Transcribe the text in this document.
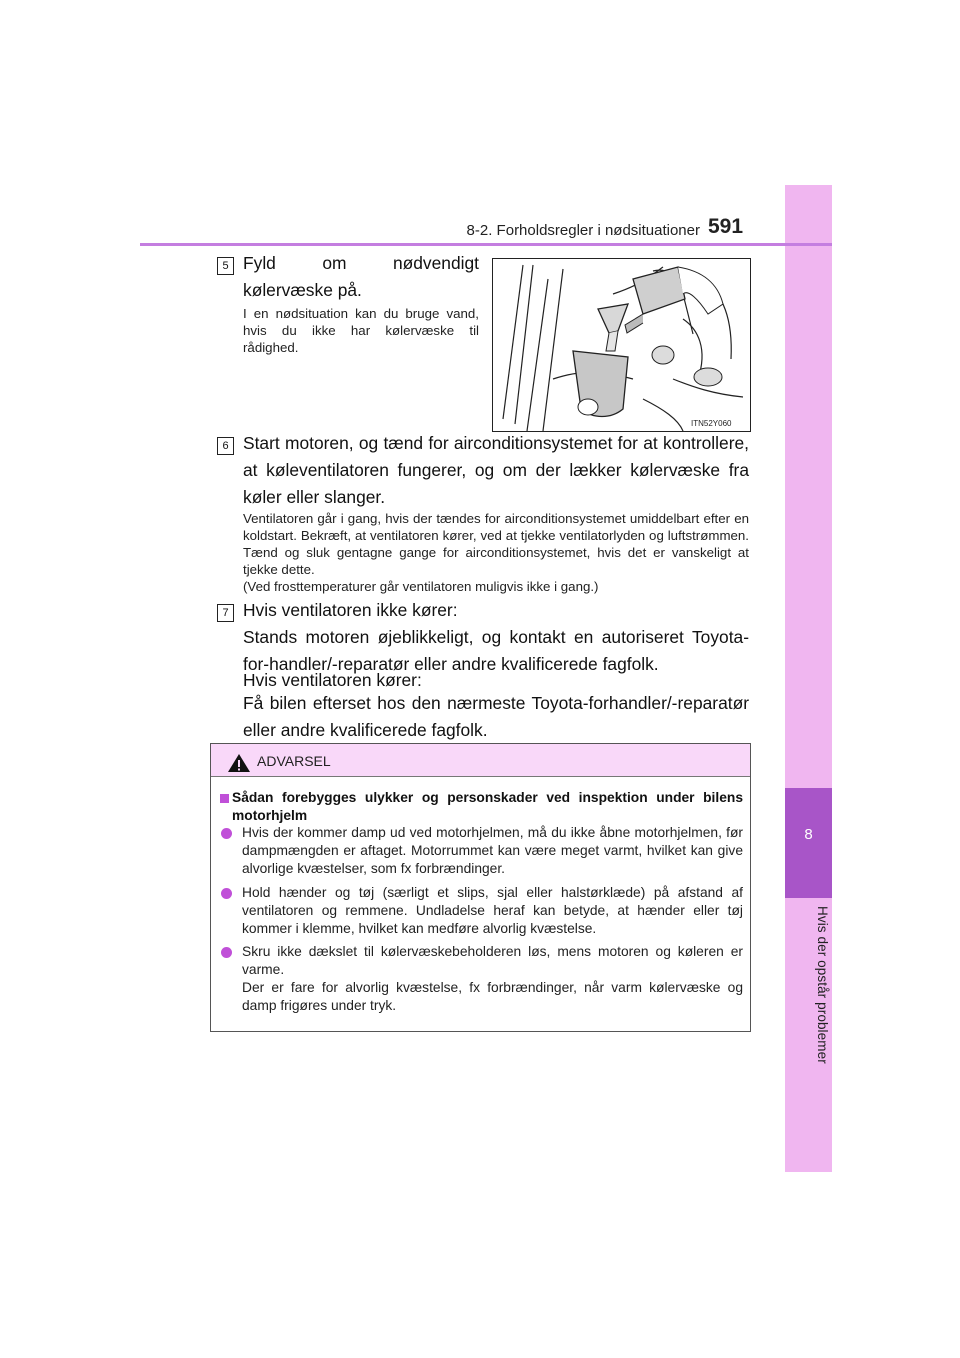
8
Hvis der opstår problemer
8-2. Forholdsregler i nødsituationer 591
5 Fyld om nødvendigt kølervæske på.
I en nødsituation kan du bruge vand, hvis du ikke har kølervæske til rådighed.
ITN52Y060
6 Start motoren, og tænd for airconditionsystemet for at kontrollere, at køleventilatoren fungerer, og om der lækker kølervæske fra køler eller slanger.
Ventilatoren går i gang, hvis der tændes for airconditionsystemet umiddelbart efter en koldstart. Bekræft, at ventilatoren kører, ved at tjekke ventilatorlyden og luftstrømmen. Tænd og sluk gentagne gange for airconditionsystemet, hvis det er vanskeligt at tjekke dette.
(Ved frosttemperaturer går ventilatoren muligvis ikke i gang.)
7 Hvis ventilatoren ikke kører:
Stands motoren øjeblikkeligt, og kontakt en autoriseret Toyota-for-handler/-reparatør eller andre kvalificerede fagfolk.
Hvis ventilatoren kører:
Få bilen efterset hos den nærmeste Toyota-forhandler/-reparatør eller andre kvalificerede fagfolk.
ADVARSEL
Sådan forebygges ulykker og personskader ved inspektion under bilens motorhjelm
Hvis der kommer damp ud ved motorhjelmen, må du ikke åbne motorhjelmen, før dampmængden er aftaget. Motorrummet kan være meget varmt, hvilket kan give alvorlige kvæstelser, som fx forbrændinger.
Hold hænder og tøj (særligt et slips, sjal eller halstørklæde) på afstand af ventilatoren og remmene. Undladelse heraf kan betyde, at hænder eller tøj kommer i klemme, hvilket kan medføre alvorlig kvæstelse.
Skru ikke dækslet til kølervæskebeholderen løs, mens motoren og køleren er varme.
Der er fare for alvorlig kvæstelse, fx forbrændinger, når varm kølervæske og damp frigøres under tryk.
